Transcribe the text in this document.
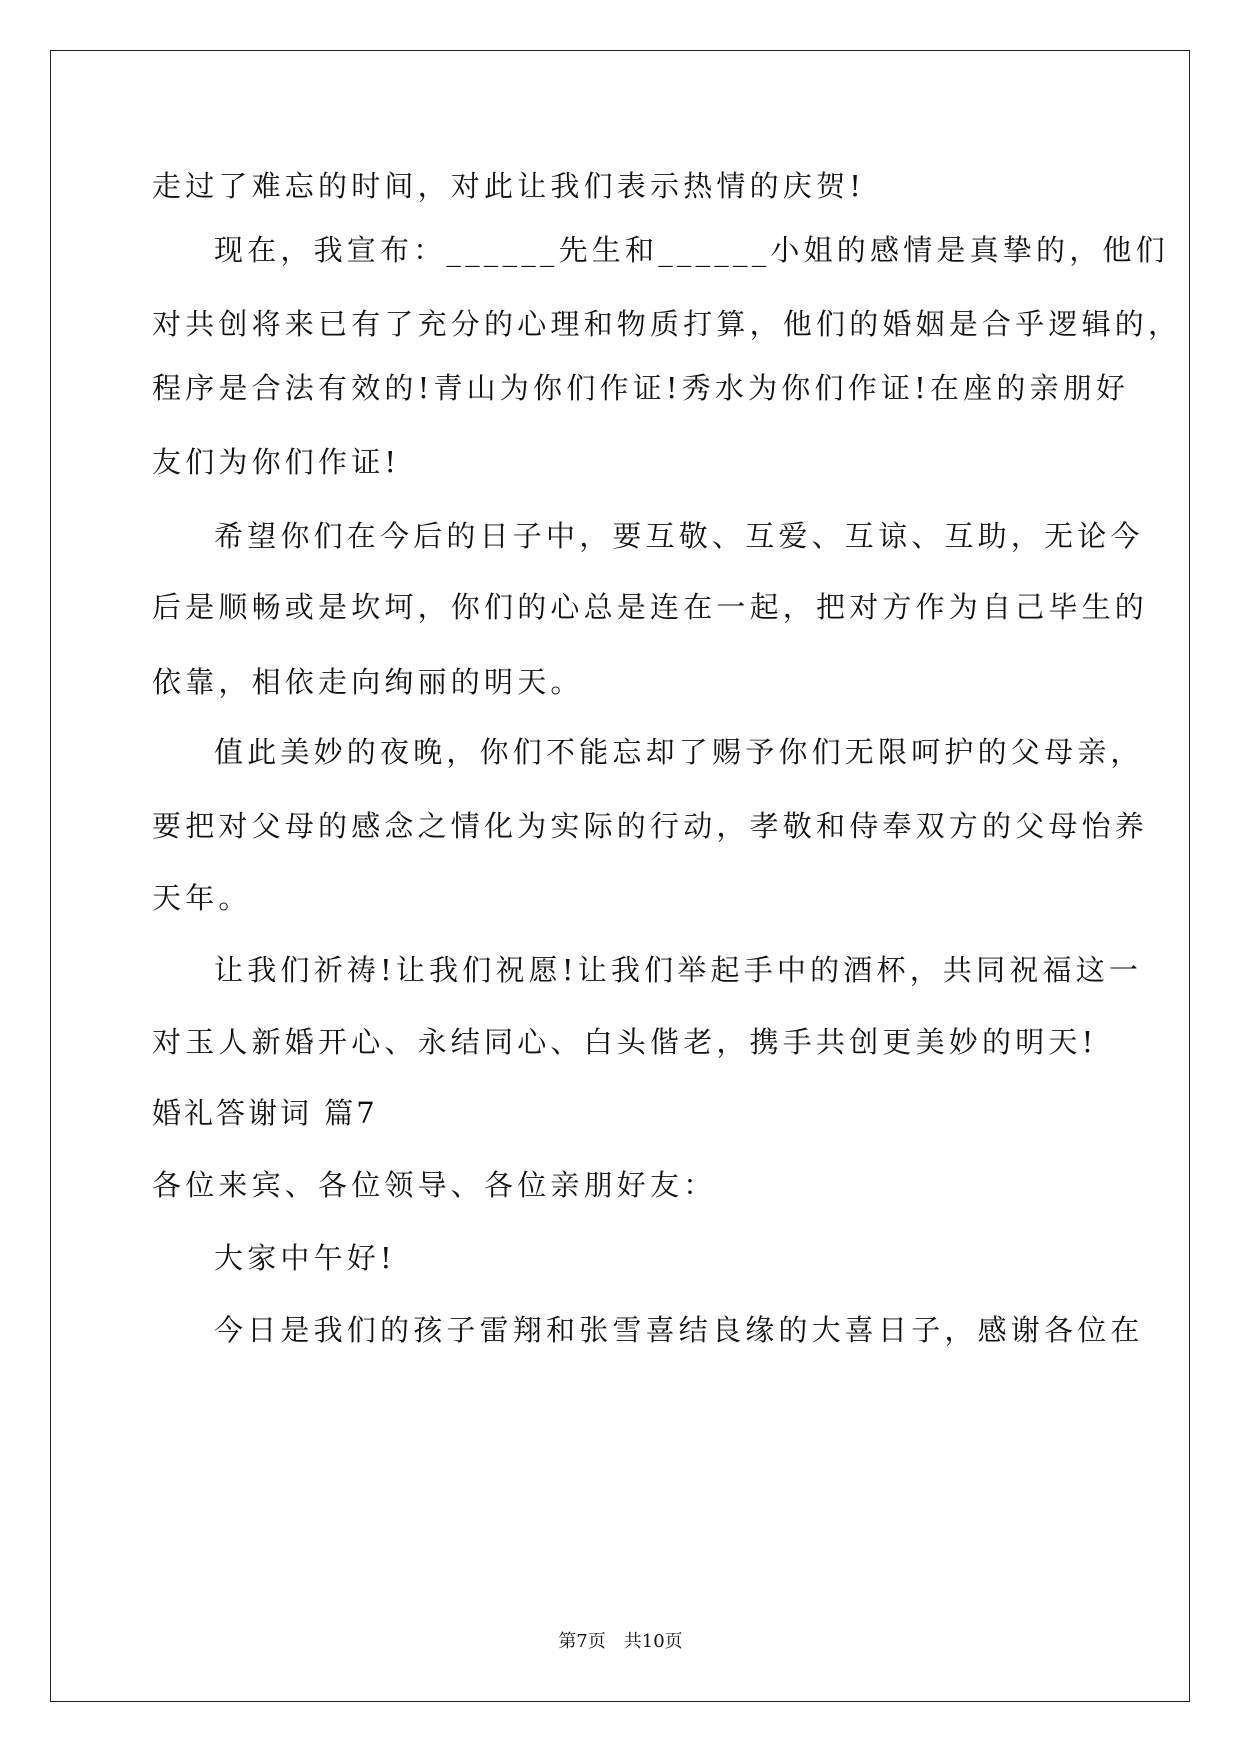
走过了难忘的时间，对此让我们表示热情的庆贺!
现在，我宣布：______先生和______小姐的感情是真挚的，他们
对共创将来已有了充分的心理和物质打算，他们的婚姻是合乎逻辑的，
程序是合法有效的!青山为你们作证!秀水为你们作证!在座的亲朋好
友们为你们作证!
希望你们在今后的日子中，要互敬、互爱、互谅、互助，无论今
后是顺畅或是坎坷，你们的心总是连在一起，把对方作为自己毕生的
依靠，相依走向绚丽的明天。
值此美妙的夜晚，你们不能忘却了赐予你们无限呵护的父母亲，
要把对父母的感念之情化为实际的行动，孝敬和侍奉双方的父母怡养
天年。
让我们祈祷!让我们祝愿!让我们举起手中的酒杯，共同祝福这一
对玉人新婚开心、永结同心、白头偕老，携手共创更美妙的明天!
婚礼答谢词 篇7
各位来宾、各位领导、各位亲朋好友：
大家中午好!
今日是我们的孩子雷翔和张雪喜结良缘的大喜日子，感谢各位在
第7页　共10页
